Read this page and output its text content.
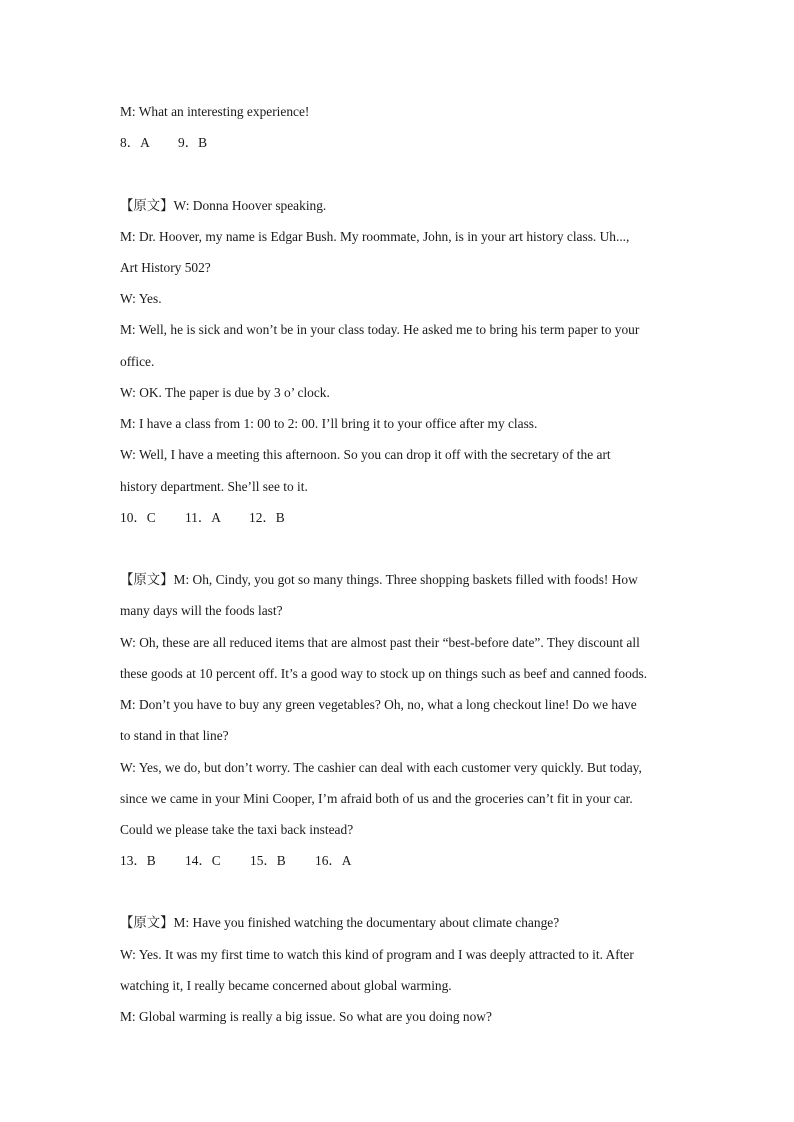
M: What an interesting experience!
8．A 9．B
【原文】W: Donna Hoover speaking.
M: Dr. Hoover, my name is Edgar Bush. My roommate, John, is in your art history class. Uh...,
Art History 502?
W: Yes.
M: Well, he is sick and won’t be in your class today. He asked me to bring his term paper to your
office.
W: OK. The paper is due by 3 o’ clock.
M: I have a class from 1: 00 to 2: 00. I’ll bring it to your office after my class.
W: Well, I have a meeting this afternoon. So you can drop it off with the secretary of the art
history department. She’ll see to it.
10．C 11．A 12．B
【原文】M: Oh, Cindy, you got so many things. Three shopping baskets filled with foods! How
many days will the foods last?
W: Oh, these are all reduced items that are almost past their “best-before date”. They discount all
these goods at 10 percent off. It’s a good way to stock up on things such as beef and canned foods.
M: Don’t you have to buy any green vegetables? Oh, no, what a long checkout line! Do we have
to stand in that line?
W: Yes, we do, but don’t worry. The cashier can deal with each customer very quickly. But today,
since we came in your Mini Cooper, I’m afraid both of us and the groceries can’t fit in your car.
Could we please take the taxi back instead?
13．B 14．C 15．B 16．A
【原文】M: Have you finished watching the documentary about climate change?
W: Yes. It was my first time to watch this kind of program and I was deeply attracted to it. After
watching it, I really became concerned about global warming.
M: Global warming is really a big issue. So what are you doing now?
